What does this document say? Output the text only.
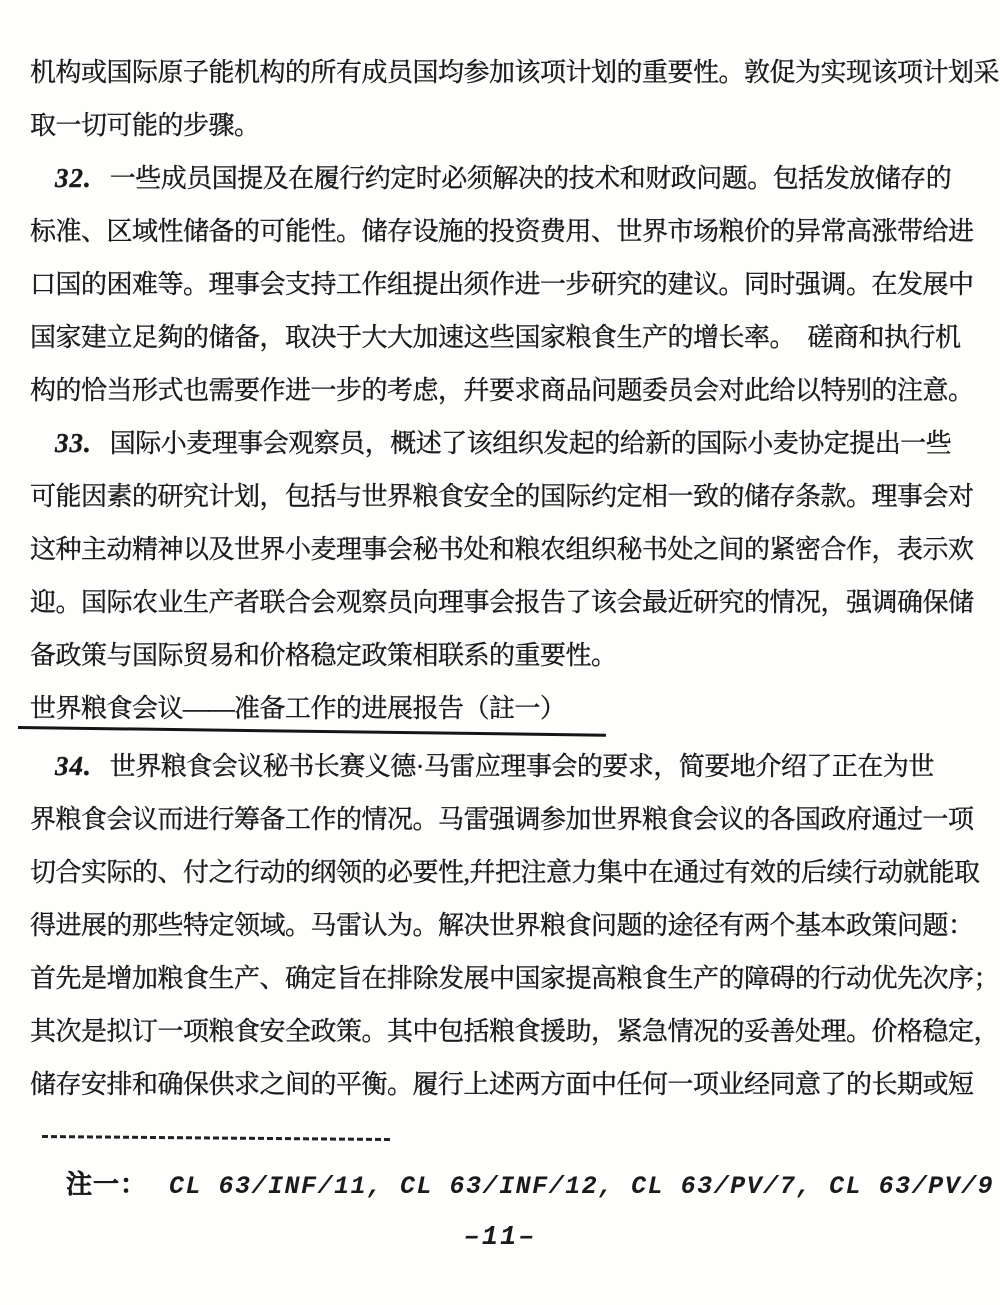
机构或国际原子能机构的所有成员国均参加该项计划的重要性。敦促为实现该项计划采
取一切可能的步骤。
32. 一些成员国提及在履行约定时必须解决的技术和财政问题。包括发放储存的
标准、区域性储备的可能性。储存设施的投资费用、世界市场粮价的异常高涨带给进
口国的困难等。理事会支持工作组提出须作进一步研究的建议。同时强调。在发展中
国家建立足夠的储备，取决于大大加速这些国家粮食生产的增长率。　磋商和执行机
构的恰当形式也需要作进一步的考虑，幷要求商品问题委员会对此给以特别的注意。
33. 国际小麦理事会观察员，概述了该组织发起的给新的国际小麦协定提出一些
可能因素的研究计划，包括与世界粮食安全的国际约定相一致的储存条款。理事会对
这种主动精神以及世界小麦理事会秘书处和粮农组织秘书处之间的紧密合作，表示欢
迎。国际农业生产者联合会观察员向理事会报告了该会最近研究的情况，强调确保储
备政策与国际贸易和价格稳定政策相联系的重要性。
世界粮食会议——准备工作的进展报告（註一）
34. 世界粮食会议秘书长赛义德·马雷应理事会的要求，简要地介绍了正在为世
界粮食会议而进行筹备工作的情况。马雷强调参加世界粮食会议的各国政府通过一项
切合实际的、付之行动的纲领的必要性,幷把注意力集中在通过有效的后续行动就能取
得进展的那些特定领域。马雷认为。解决世界粮食问题的途径有两个基本政策问题：
首先是增加粮食生产、确定旨在排除发展中国家提高粮食生产的障碍的行动优先次序；
其次是拟订一项粮食安全政策。其中包括粮食援助，紧急情况的妥善处理。价格稳定，
储存安排和确保供求之间的平衡。履行上述两方面中任何一项业经同意了的长期或短
注一： CL 63/INF/11, CL 63/INF/12, CL 63/PV/7, CL 63/PV/9
–11–
